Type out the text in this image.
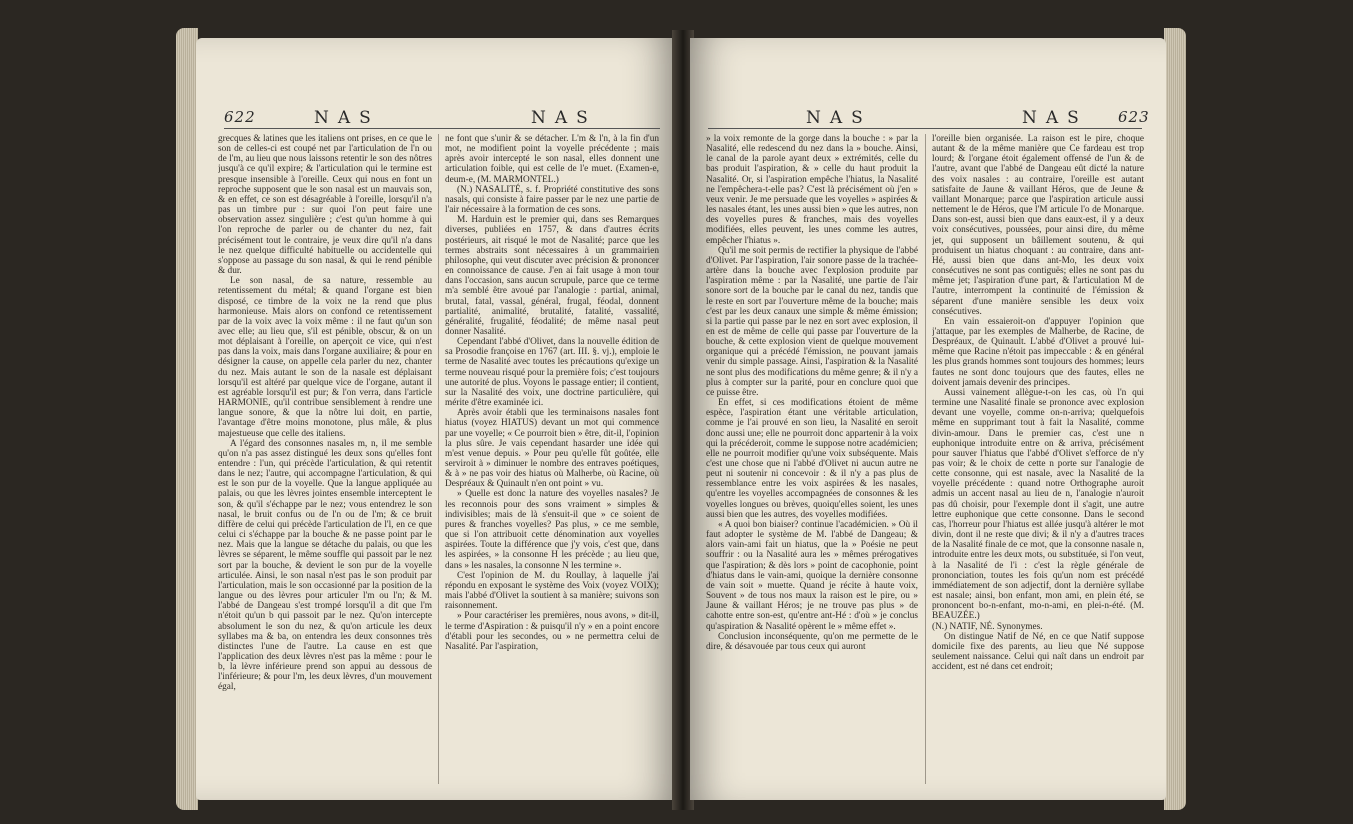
622	NAS	NAS

grecques & latines que les italiens ont prises, en ce que le son de celles-ci est coupé net par l'articulation de l'n ou de l'm, au lieu que nous laissons retentir le son des nôtres jusqu'à ce qu'il expire; & l'articulation qui le termine est presque insensible à l'oreille. Ceux qui nous en font un reproche supposent que le son nasal est un mauvais son, & en effet, ce son est désagréable à l'oreille, lorsqu'il n'a pas un timbre pur : sur quoi l'on peut faire une observation assez singulière ; c'est qu'un homme à qui l'on reproche de parler ou de chanter du nez, fait précisément tout le contraire, je veux dire qu'il n'a dans le nez quelque difficulté habituelle ou accidentelle qui s'oppose au passage du son nasal, & qui le rend pénible & dur.

Le son nasal, de sa nature, ressemble au retentissement du métal; & quand l'organe est bien disposé, ce timbre de la voix ne la rend que plus harmonieuse. Mais alors on confond ce retentissement par de la voix avec la voix même : il ne faut qu'un son avec elle; au lieu que, s'il est pénible, obscur, & on un mot déplaisant à l'oreille, on aperçoit ce vice, qui n'est pas dans la voix, mais dans l'organe auxiliaire; & pour en désigner la cause, on appelle cela parler du nez, chanter du nez. Mais autant le son de la nasale est déplaisant lorsqu'il est altéré par quelque vice de l'organe, autant il est agréable lorsqu'il est pur; & l'on verra, dans l'article HARMONIE, qu'il contribue sensiblement à rendre une langue sonore, & que la nôtre lui doit, en partie, l'avantage d'être moins monotone, plus mâle, & plus majestueuse que celle des italiens.

A l'égard des consonnes nasales m, n, il me semble qu'on n'a pas assez distingué les deux sons qu'elles font entendre : l'un, qui précède l'articulation, & qui retentit dans le nez; l'autre, qui accompagne l'articulation, & qui est le son pur de la voyelle. Que la langue appliquée au palais, ou que les lèvres jointes ensemble interceptent le son, & qu'il s'échappe par le nez; vous entendrez le son nasal, le bruit confus ou de l'n ou de l'm; & ce bruit diffère de celui qui précède l'articulation de l'l, en ce que celui ci s'échappe par la bouche & ne passe point par le nez. Mais que la langue se détache du palais, ou que les lèvres se séparent, le même souffle qui passoit par le nez sort par la bouche, & devient le son pur de la voyelle articulée. Ainsi, le son nasal n'est pas le son produit par l'articulation, mais le son occasionné par la position de la langue ou des lèvres pour articuler l'm ou l'n; & M. l'abbé de Dangeau s'est trompé lorsqu'il a dit que l'm n'étoit qu'un b qui passoit par le nez. Qu'on intercepte absolument le son du nez, & qu'on articule les deux syllabes ma & ba, on entendra les deux consonnes très distinctes l'une de l'autre. La cause en est que l'application des deux lèvres n'est pas la même : pour le b, la lèvre inférieure prend son appui au dessous de l'inférieure; & pour l'm, les deux lèvres, d'un mouvement égal,

ne font que s'unir & se détacher. L'm & l'n, à la fin d'un mot, ne modifient point la voyelle précédente ; mais après avoir intercepté le son nasal, elles donnent une articulation foible, qui est celle de l'e muet. (Examen-e, deum-e, (M. MARMONTEL.)

(N.) NASALITÉ, s. f. Propriété constitutive des sons nasals, qui consiste à faire passer par le nez une partie de l'air nécessaire à la formation de ces sons.

M. Harduin est le premier qui, dans ses Remarques diverses, publiées en 1757, & dans d'autres écrits postérieurs, ait risqué le mot de Nasalité; parce que les termes abstraits sont nécessaires à un grammairien philosophe, qui veut discuter avec précision & prononcer en connoissance de cause. J'en ai fait usage à mon tour dans l'occasion, sans aucun scrupule, parce que ce terme m'a semblé être avoué par l'analogie : partial, animal, brutal, fatal, vassal, général, frugal, féodal, donnent partialité, animalité, brutalité, fatalité, vassalité, généralité, frugalité, féodalité; de même nasal peut donner Nasalité.

Cependant l'abbé d'Olivet, dans la nouvelle édition de sa Prosodie françoise en 1767 (art. III. §. vj.), emploie le terme de Nasalité avec toutes les précautions qu'exige un terme nouveau risqué pour la première fois; c'est toujours une autorité de plus. Voyons le passage entier; il contient, sur la Nasalité des voix, une doctrine particulière, qui mérite d'être examinée ici.

Après avoir établi que les terminaisons nasales font hiatus (voyez HIATUS) devant un mot qui commence par une voyelle; « Ce pourroit bien » être, dit-il, l'opinion la plus sûre. Je vais cependant hasarder une idée qui m'est venue depuis. » Pour peu qu'elle fût goûtée, elle serviroit à » diminuer le nombre des entraves poétiques, & à » ne pas voir des hiatus où Malherbe, où Racine, où Despréaux & Quinault n'en ont point » vu.

» Quelle est donc la nature des voyelles nasales? Je les reconnois pour des sons vraiment » simples & indivisibles; mais de là s'ensuit-il que » ce soient de pures & franches voyelles? Pas plus, » ce me semble, que si l'on attribuoit cette dénomination aux voyelles aspirées. Toute la différence que j'y vois, c'est que, dans les aspirées, » la consonne H les précède ; au lieu que, dans » les nasales, la consonne N les termine ».

C'est l'opinion de M. du Roullay, à laquelle j'ai répondu en exposant le système des Voix (voyez VOIX); mais l'abbé d'Olivet la soutient à sa manière; suivons son raisonnement.

» Pour caractériser les premières, nous avons, » dit-il, le terme d'Aspiration : & puisqu'il n'y » en a point encore d'établi pour les secondes, ou » ne permettra celui de Nasalité. Par l'aspiration,

NAS	NAS 623

» la voix remonte de la gorge dans la bouche : » par la Nasalité, elle redescend du nez dans la » bouche. Ainsi, le canal de la parole ayant deux » extrémités, celle du bas produit l'aspiration, & » celle du haut produit la Nasalité. Or, si l'aspiration empêche l'hiatus, la Nasalité ne l'empêchera-t-elle pas? C'est là précisément où j'en » veux venir. Je me persuade que les voyelles » aspirées & les nasales étant, les unes aussi bien » que les autres, non des voyelles pures & franches, mais des voyelles modifiées, elles peuvent, les unes comme les autres, empêcher l'hiatus ».

Qu'il me soit permis de rectifier la physique de l'abbé d'Olivet. Par l'aspiration, l'air sonore passe de la trachée-artère dans la bouche avec l'explosion produite par l'aspiration même : par la Nasalité, une partie de l'air sonore sort de la bouche par le canal du nez, tandis que le reste en sort par l'ouverture même de la bouche; mais c'est par les deux canaux une simple & même émission; si la partie qui passe par le nez en sort avec explosion, il en est de même de celle qui passe par l'ouverture de la bouche, & cette explosion vient de quelque mouvement organique qui a précédé l'émission, ne pouvant jamais venir du simple passage. Ainsi, l'aspiration & la Nasalité ne sont plus des modifications du même genre; & il n'y a plus à compter sur la parité, pour en conclure quoi que ce puisse être.

En effet, si ces modifications étoient de même espèce, l'aspiration étant une véritable articulation, comme je l'ai prouvé en son lieu, la Nasalité en seroit donc aussi une; elle ne pourroit donc appartenir à la voix qui la précéderoit, comme le suppose notre académicien; elle ne pourroit modifier qu'une voix subséquente. Mais c'est une chose que ni l'abbé d'Olivet ni aucun autre ne peut ni soutenir ni concevoir : & il n'y a pas plus de ressemblance entre les voix aspirées & les nasales, qu'entre les voyelles accompagnées de consonnes & les voyelles longues ou brèves, quoiqu'elles soient, les unes aussi bien que les autres, des voyelles modifiées.

« A quoi bon biaiser? continue l'académicien. » Où il faut adopter le système de M. l'abbé de Dangeau; & alors vain-ami fait un hiatus, que la » Poésie ne peut souffrir : ou la Nasalité aura les » mêmes prérogatives que l'aspiration; & dès lors » point de cacophonie, point d'hiatus dans le vain-ami, quoique la dernière consonne de vain soit » muette. Quand je récite à haute voix, Souvent » de tous nos maux la raison est le pire, ou » Jaune & vaillant Héros; je ne trouve pas plus » de cahotte entre son-est, qu'entre ant-Hé : d'où » je conclus qu'aspiration & Nasalité opèrent le » même effet ».

Conclusion inconséquente, qu'on me permette de le dire, & désavouée par tous ceux qui auront

l'oreille bien organisée. La raison est le pire, choque autant & de la même manière que Ce fardeau est trop lourd; & l'organe étoit également offensé de l'un & de l'autre, avant que l'abbé de Dangeau eût dicté la nature des voix nasales : au contraire, l'oreille est autant satisfaite de Jaune & vaillant Héros, que de Jeune & vaillant Monarque; parce que l'aspiration articule aussi nettement le de Héros, que l'M articule l'o de Monarque. Dans son-est, aussi bien que dans eaux-est, il y a deux voix consécutives, poussées, pour ainsi dire, du même jet, qui supposent un bâillement soutenu, & qui produisent un hiatus choquant : au contraire, dans ant-Hé, aussi bien que dans ant-Mo, les deux voix consécutives ne sont pas contiguës; elles ne sont pas du même jet; l'aspiration d'une part, & l'articulation M de l'autre, interrompent la continuité de l'émission & séparent d'une manière sensible les deux voix consécutives.

En vain essaieroit-on d'appuyer l'opinion que j'attaque, par les exemples de Malherbe, de Racine, de Despréaux, de Quinault. L'abbé d'Olivet a prouvé lui-même que Racine n'étoit pas impeccable : & en général les plus grands hommes sont toujours des hommes; leurs fautes ne sont donc toujours que des fautes, elles ne doivent jamais devenir des principes.

Aussi vainement allègue-t-on les cas, où l'n qui termine une Nasalité finale se prononce avec explosion devant une voyelle, comme on-n-arriva; quelquefois même en supprimant tout à fait la Nasalité, comme divin-amour. Dans le premier cas, c'est une n euphonique introduite entre on & arriva, précisément pour sauver l'hiatus que l'abbé d'Olivet s'efforce de n'y pas voir; & le choix de cette n porte sur l'analogie de cette consonne, qui est nasale, avec la Nasalité de la voyelle précédente : quand notre Orthographe auroit admis un accent nasal au lieu de n, l'analogie n'auroit pas dû choisir, pour l'exemple dont il s'agit, une autre lettre euphonique que cette consonne. Dans le second cas, l'horreur pour l'hiatus est allée jusqu'à altérer le mot divin, dont il ne reste que divi; & il n'y a d'autres traces de la Nasalité finale de ce mot, que la consonne nasale n, introduite entre les deux mots, ou substituée, si l'on veut, à la Nasalité de l'i : c'est la règle générale de prononciation, toutes les fois qu'un nom est précédé immédiatement de son adjectif, dont la dernière syllabe est nasale; ainsi, bon enfant, mon ami, en plein été, se prononcent bo-n-enfant, mo-n-ami, en plei-n-été. (M. BEAUZÉE.)

(N.) NATIF, NÉ. Synonymes.

On distingue Natif de Né, en ce que Natif suppose domicile fixe des parents, au lieu que Né suppose seulement naissance. Celui qui naît dans un endroit par accident, est né dans cet endroit;
